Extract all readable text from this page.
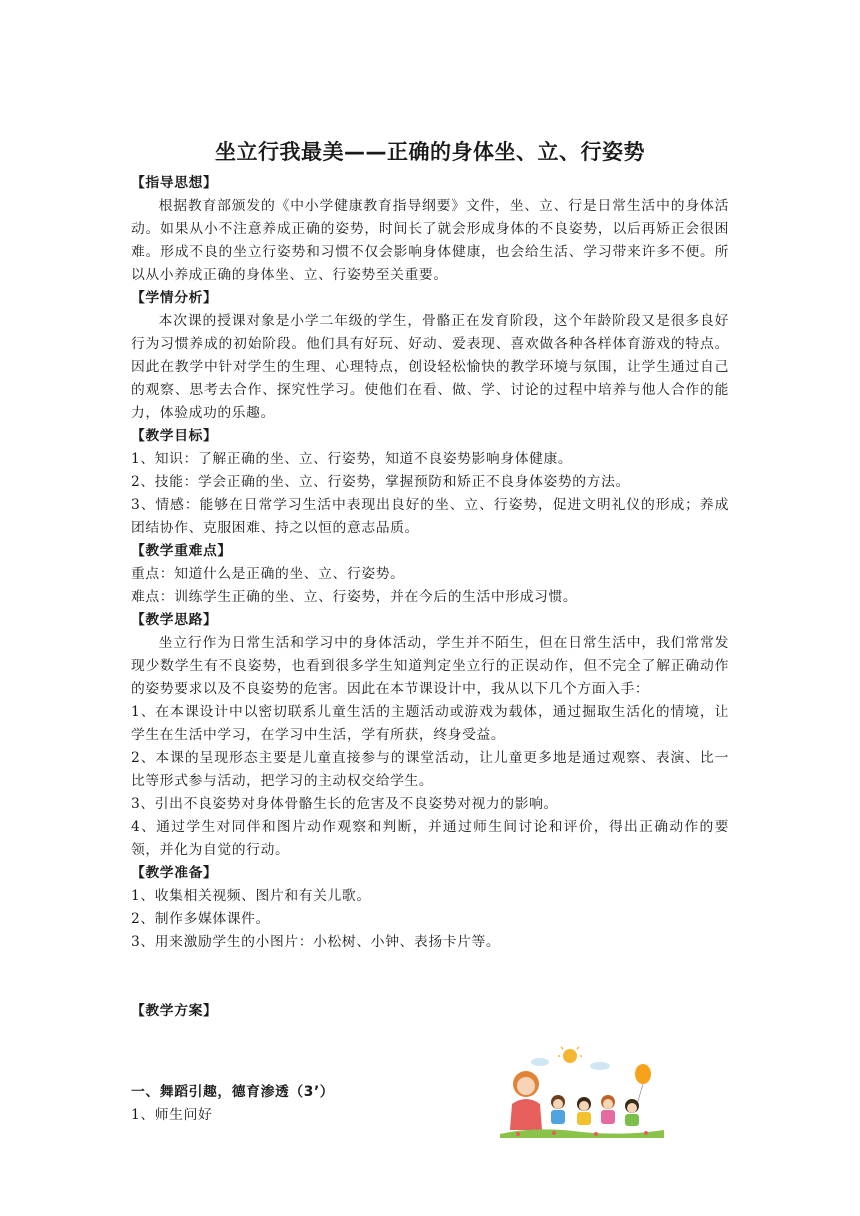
坐立行我最美——正确的身体坐、立、行姿势

【指导思想】

根据教育部颁发的《中小学健康教育指导纲要》文件，坐、立、行是日常生活中的身体活动。如果从小不注意养成正确的姿势，时间长了就会形成身体的不良姿势，以后再矫正会很困难。形成不良的坐立行姿势和习惯不仅会影响身体健康，也会给生活、学习带来许多不便。所以从小养成正确的身体坐、立、行姿势至关重要。

【学情分析】

本次课的授课对象是小学二年级的学生，骨骼正在发育阶段，这个年龄阶段又是很多良好行为习惯养成的初始阶段。他们具有好玩、好动、爱表现、喜欢做各种各样体育游戏的特点。因此在教学中针对学生的生理、心理特点，创设轻松愉快的教学环境与氛围，让学生通过自己的观察、思考去合作、探究性学习。使他们在看、做、学、讨论的过程中培养与他人合作的能力，体验成功的乐趣。

【教学目标】

1、知识：了解正确的坐、立、行姿势，知道不良姿势影响身体健康。

2、技能：学会正确的坐、立、行姿势，掌握预防和矫正不良身体姿势的方法。

3、情感：能够在日常学习生活中表现出良好的坐、立、行姿势，促进文明礼仪的形成；养成团结协作、克服困难、持之以恒的意志品质。

【教学重难点】

重点：知道什么是正确的坐、立、行姿势。

难点：训练学生正确的坐、立、行姿势，并在今后的生活中形成习惯。

【教学思路】

坐立行作为日常生活和学习中的身体活动，学生并不陌生，但在日常生活中，我们常常发现少数学生有不良姿势，也看到很多学生知道判定坐立行的正误动作，但不完全了解正确动作的姿势要求以及不良姿势的危害。因此在本节课设计中，我从以下几个方面入手：

1、在本课设计中以密切联系儿童生活的主题活动或游戏为载体，通过掘取生活化的情境，让学生在生活中学习，在学习中生活，学有所获，终身受益。

2、本课的呈现形态主要是儿童直接参与的课堂活动，让儿童更多地是通过观察、表演、比一比等形式参与活动，把学习的主动权交给学生。

3、引出不良姿势对身体骨骼生长的危害及不良姿势对视力的影响。

4、通过学生对同伴和图片动作观察和判断，并通过师生间讨论和评价，得出正确动作的要领，并化为自觉的行动。

【教学准备】

1、收集相关视频、图片和有关儿歌。

2、制作多媒体课件。

3、用来激励学生的小图片：小松树、小钟、表扬卡片等。

【教学方案】

一、舞蹈引趣，德育渗透（3’）

1、师生问好
